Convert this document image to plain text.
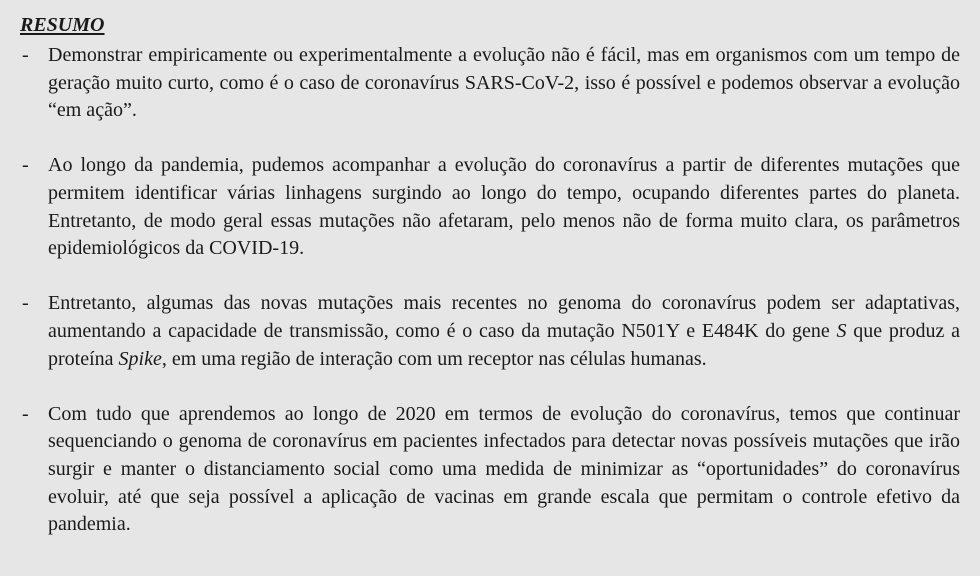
RESUMO
- Demonstrar empiricamente ou experimentalmente a evolução não é fácil, mas em organismos com um tempo de geração muito curto, como é o caso de coronavírus SARS-CoV-2, isso é possível e podemos observar a evolução “em ação”.
- Ao longo da pandemia, pudemos acompanhar a evolução do coronavírus a partir de diferentes mutações que permitem identificar várias linhagens surgindo ao longo do tempo, ocupando diferentes partes do planeta. Entretanto, de modo geral essas mutações não afetaram, pelo menos não de forma muito clara, os parâmetros epidemiológicos da COVID-19.
- Entretanto, algumas das novas mutações mais recentes no genoma do coronavírus podem ser adaptativas, aumentando a capacidade de transmissão, como é o caso da mutação N501Y e E484K do gene S que produz a proteína Spike, em uma região de interação com um receptor nas células humanas.
- Com tudo que aprendemos ao longo de 2020 em termos de evolução do coronavírus, temos que continuar sequenciando o genoma de coronavírus em pacientes infectados para detectar novas possíveis mutações que irão surgir e manter o distanciamento social como uma medida de minimizar as “oportunidades” do coronavírus evoluir, até que seja possível a aplicação de vacinas em grande escala que permitam o controle efetivo da pandemia.
